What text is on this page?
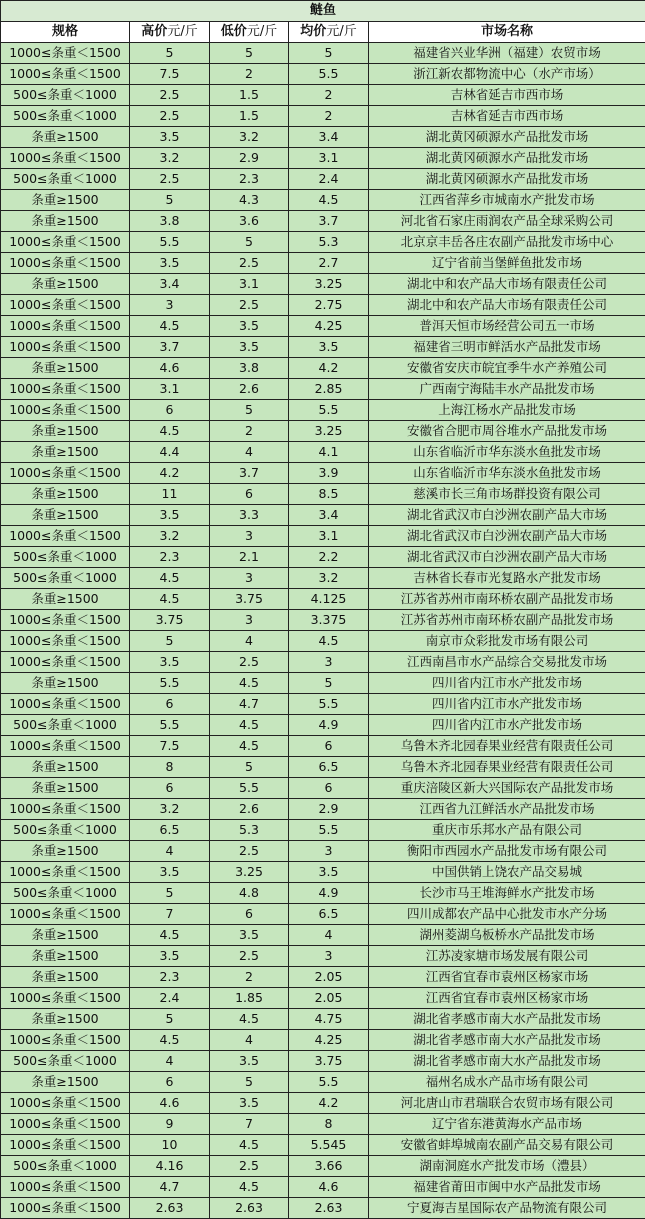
鲢鱼				
规格	高价元/斤	低价元/斤	均价元/斤	市场名称
1000≤条重＜1500	5	5	5	福建省兴业华洲（福建）农贸市场
1000≤条重＜1500	7.5	2	5.5	浙江新农都物流中心（水产市场）
500≤条重＜1000	2.5	1.5	2	吉林省延吉市西市场
500≤条重＜1000	2.5	1.5	2	吉林省延吉市西市场
条重≥1500	3.5	3.2	3.4	湖北黄冈硕源水产品批发市场
1000≤条重＜1500	3.2	2.9	3.1	湖北黄冈硕源水产品批发市场
500≤条重＜1000	2.5	2.3	2.4	湖北黄冈硕源水产品批发市场
条重≥1500	5	4.3	4.5	江西省萍乡市城南水产批发市场
条重≥1500	3.8	3.6	3.7	河北省石家庄雨润农产品全球采购公司
1000≤条重＜1500	5.5	5	5.3	北京京丰岳各庄农副产品批发市场中心
1000≤条重＜1500	3.5	2.5	2.7	辽宁省前当堡鲜鱼批发市场
条重≥1500	3.4	3.1	3.25	湖北中和农产品大市场有限责任公司
1000≤条重＜1500	3	2.5	2.75	湖北中和农产品大市场有限责任公司
1000≤条重＜1500	4.5	3.5	4.25	普洱天恒市场经营公司五一市场
1000≤条重＜1500	3.7	3.5	3.5	福建省三明市鲜活水产品批发市场
条重≥1500	4.6	3.8	4.2	安徽省安庆市皖宜季牛水产养殖公司
1000≤条重＜1500	3.1	2.6	2.85	广西南宁海陆丰水产品批发市场
1000≤条重＜1500	6	5	5.5	上海江杨水产品批发市场
条重≥1500	4.5	2	3.25	安徽省合肥市周谷堆水产品批发市场
条重≥1500	4.4	4	4.1	山东省临沂市华东淡水鱼批发市场
1000≤条重＜1500	4.2	3.7	3.9	山东省临沂市华东淡水鱼批发市场
条重≥1500	11	6	8.5	慈溪市长三角市场群投资有限公司
条重≥1500	3.5	3.3	3.4	湖北省武汉市白沙洲农副产品大市场
1000≤条重＜1500	3.2	3	3.1	湖北省武汉市白沙洲农副产品大市场
500≤条重＜1000	2.3	2.1	2.2	湖北省武汉市白沙洲农副产品大市场
500≤条重＜1000	4.5	3	3.2	吉林省长春市光复路水产批发市场
条重≥1500	4.5	3.75	4.125	江苏省苏州市南环桥农副产品批发市场
1000≤条重＜1500	3.75	3	3.375	江苏省苏州市南环桥农副产品批发市场
1000≤条重＜1500	5	4	4.5	南京市众彩批发市场有限公司
1000≤条重＜1500	3.5	2.5	3	江西南昌市水产品综合交易批发市场
条重≥1500	5.5	4.5	5	四川省内江市水产批发市场
1000≤条重＜1500	6	4.7	5.5	四川省内江市水产批发市场
500≤条重＜1000	5.5	4.5	4.9	四川省内江市水产批发市场
1000≤条重＜1500	7.5	4.5	6	乌鲁木齐北园春果业经营有限责任公司
条重≥1500	8	5	6.5	乌鲁木齐北园春果业经营有限责任公司
条重≥1500	6	5.5	6	重庆涪陵区新大兴国际农产品批发市场
1000≤条重＜1500	3.2	2.6	2.9	江西省九江鲜活水产品批发市场
500≤条重＜1000	6.5	5.3	5.5	重庆市乐邦水产品有限公司
条重≥1500	4	2.5	3	衡阳市西园水产品批发市场有限公司
1000≤条重＜1500	3.5	3.25	3.5	中国供销上饶农产品交易城
500≤条重＜1000	5	4.8	4.9	长沙市马王堆海鲜水产批发市场
1000≤条重＜1500	7	6	6.5	四川成都农产品中心批发市水产分场
条重≥1500	4.5	3.5	4	湖州菱湖乌板桥水产品批发市场
条重≥1500	3.5	2.5	3	江苏凌家塘市场发展有限公司
条重≥1500	2.3	2	2.05	江西省宜春市袁州区杨家市场
1000≤条重＜1500	2.4	1.85	2.05	江西省宜春市袁州区杨家市场
条重≥1500	5	4.5	4.75	湖北省孝感市南大水产品批发市场
1000≤条重＜1500	4.5	4	4.25	湖北省孝感市南大水产品批发市场
500≤条重＜1000	4	3.5	3.75	湖北省孝感市南大水产品批发市场
条重≥1500	6	5	5.5	福州名成水产品市场有限公司
1000≤条重＜1500	4.6	3.5	4.2	河北唐山市君瑞联合农贸市场有限公司
1000≤条重＜1500	9	7	8	辽宁省东港黄海水产品市场
1000≤条重＜1500	10	4.5	5.545	安徽省蚌埠城南农副产品交易有限公司
500≤条重＜1000	4.16	2.5	3.66	湖南洞庭水产批发市场（澧县）
1000≤条重＜1500	4.7	4.5	4.6	福建省莆田市闽中水产品批发市场
1000≤条重＜1500	2.63	2.63	2.63	宁夏海吉星国际农产品物流有限公司
